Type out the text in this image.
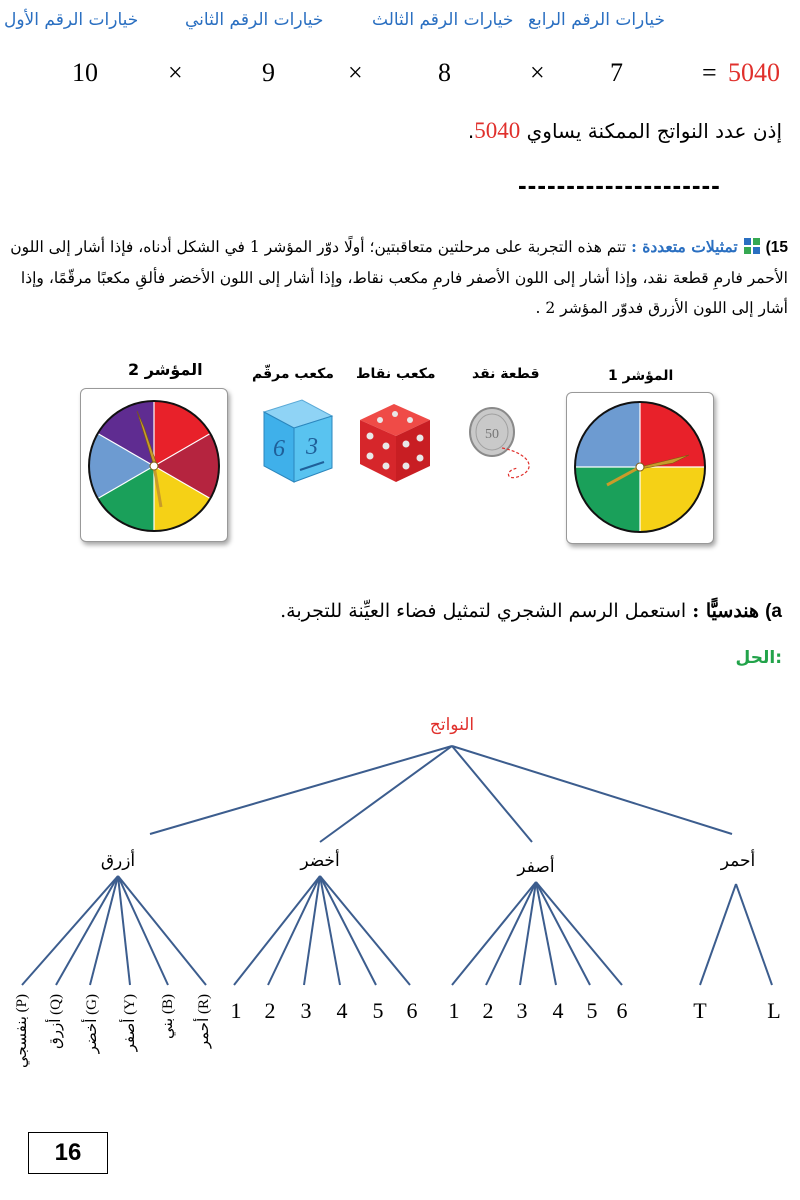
خيارات الرقم الرابع
خيارات الرقم الثالث
خيارات الرقم الثاني
خيارات الرقم الأول
10	×	9	×	8	×	7	= 5040
إذن عدد النواتج الممكنة يساوي 5040.
---------------------
15)  تمثيلات متعددة : تتم هذه التجربة على مرحلتين متعاقبتين؛ أولًا دوّر المؤشر 1 في الشكل أدناه، فإذا أشار إلى اللون الأحمر فارمِ قطعة نقد، وإذا أشار إلى اللون الأصفر فارمِ مكعب نقاط، وإذا أشار إلى اللون الأخضر فألقِ مكعبًا مرقّمًا، وإذا أشار إلى اللون الأزرق فدوّر المؤشر 2 .
المؤشر 1
قطعة نقد
مكعب نقاط
مكعب مرقّم
المؤشر 2
6 3	50
a) هندسيًّا : استعمل الرسم الشجري لتمثيل فضاء العيِّنة للتجربة.
الحل:
النواتج
أزرق	أخضر	أصفر	أحمر
بنفسجي (P)
أزرق (Q)
أخضر (G)
أصفر (Y)
بني (B)
أحمر (R) 1 2 3 4 5 6 1 2 3 4 5 6	T	L
16
